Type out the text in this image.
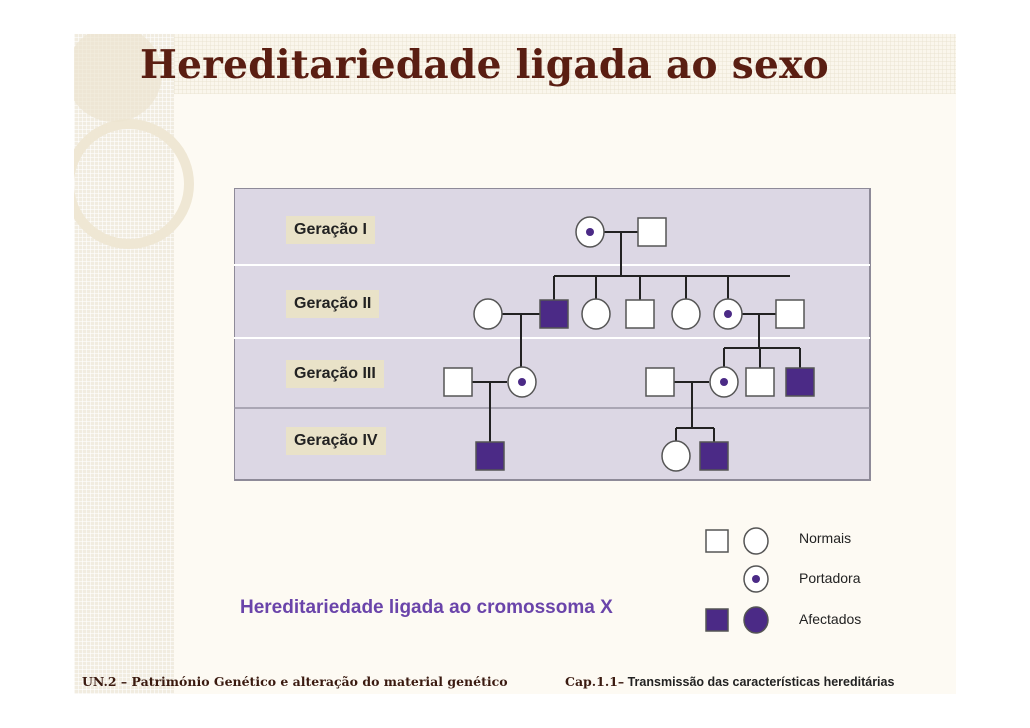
Hereditariedade ligada ao sexo
Geração I
Geração II
Geração III
Geração IV
Normais
Portadora
Afectados
Hereditariedade ligada ao cromossoma X
UN.2 – Património Genético e alteração do material genético	Cap.1.1– Transmissão das características hereditárias
